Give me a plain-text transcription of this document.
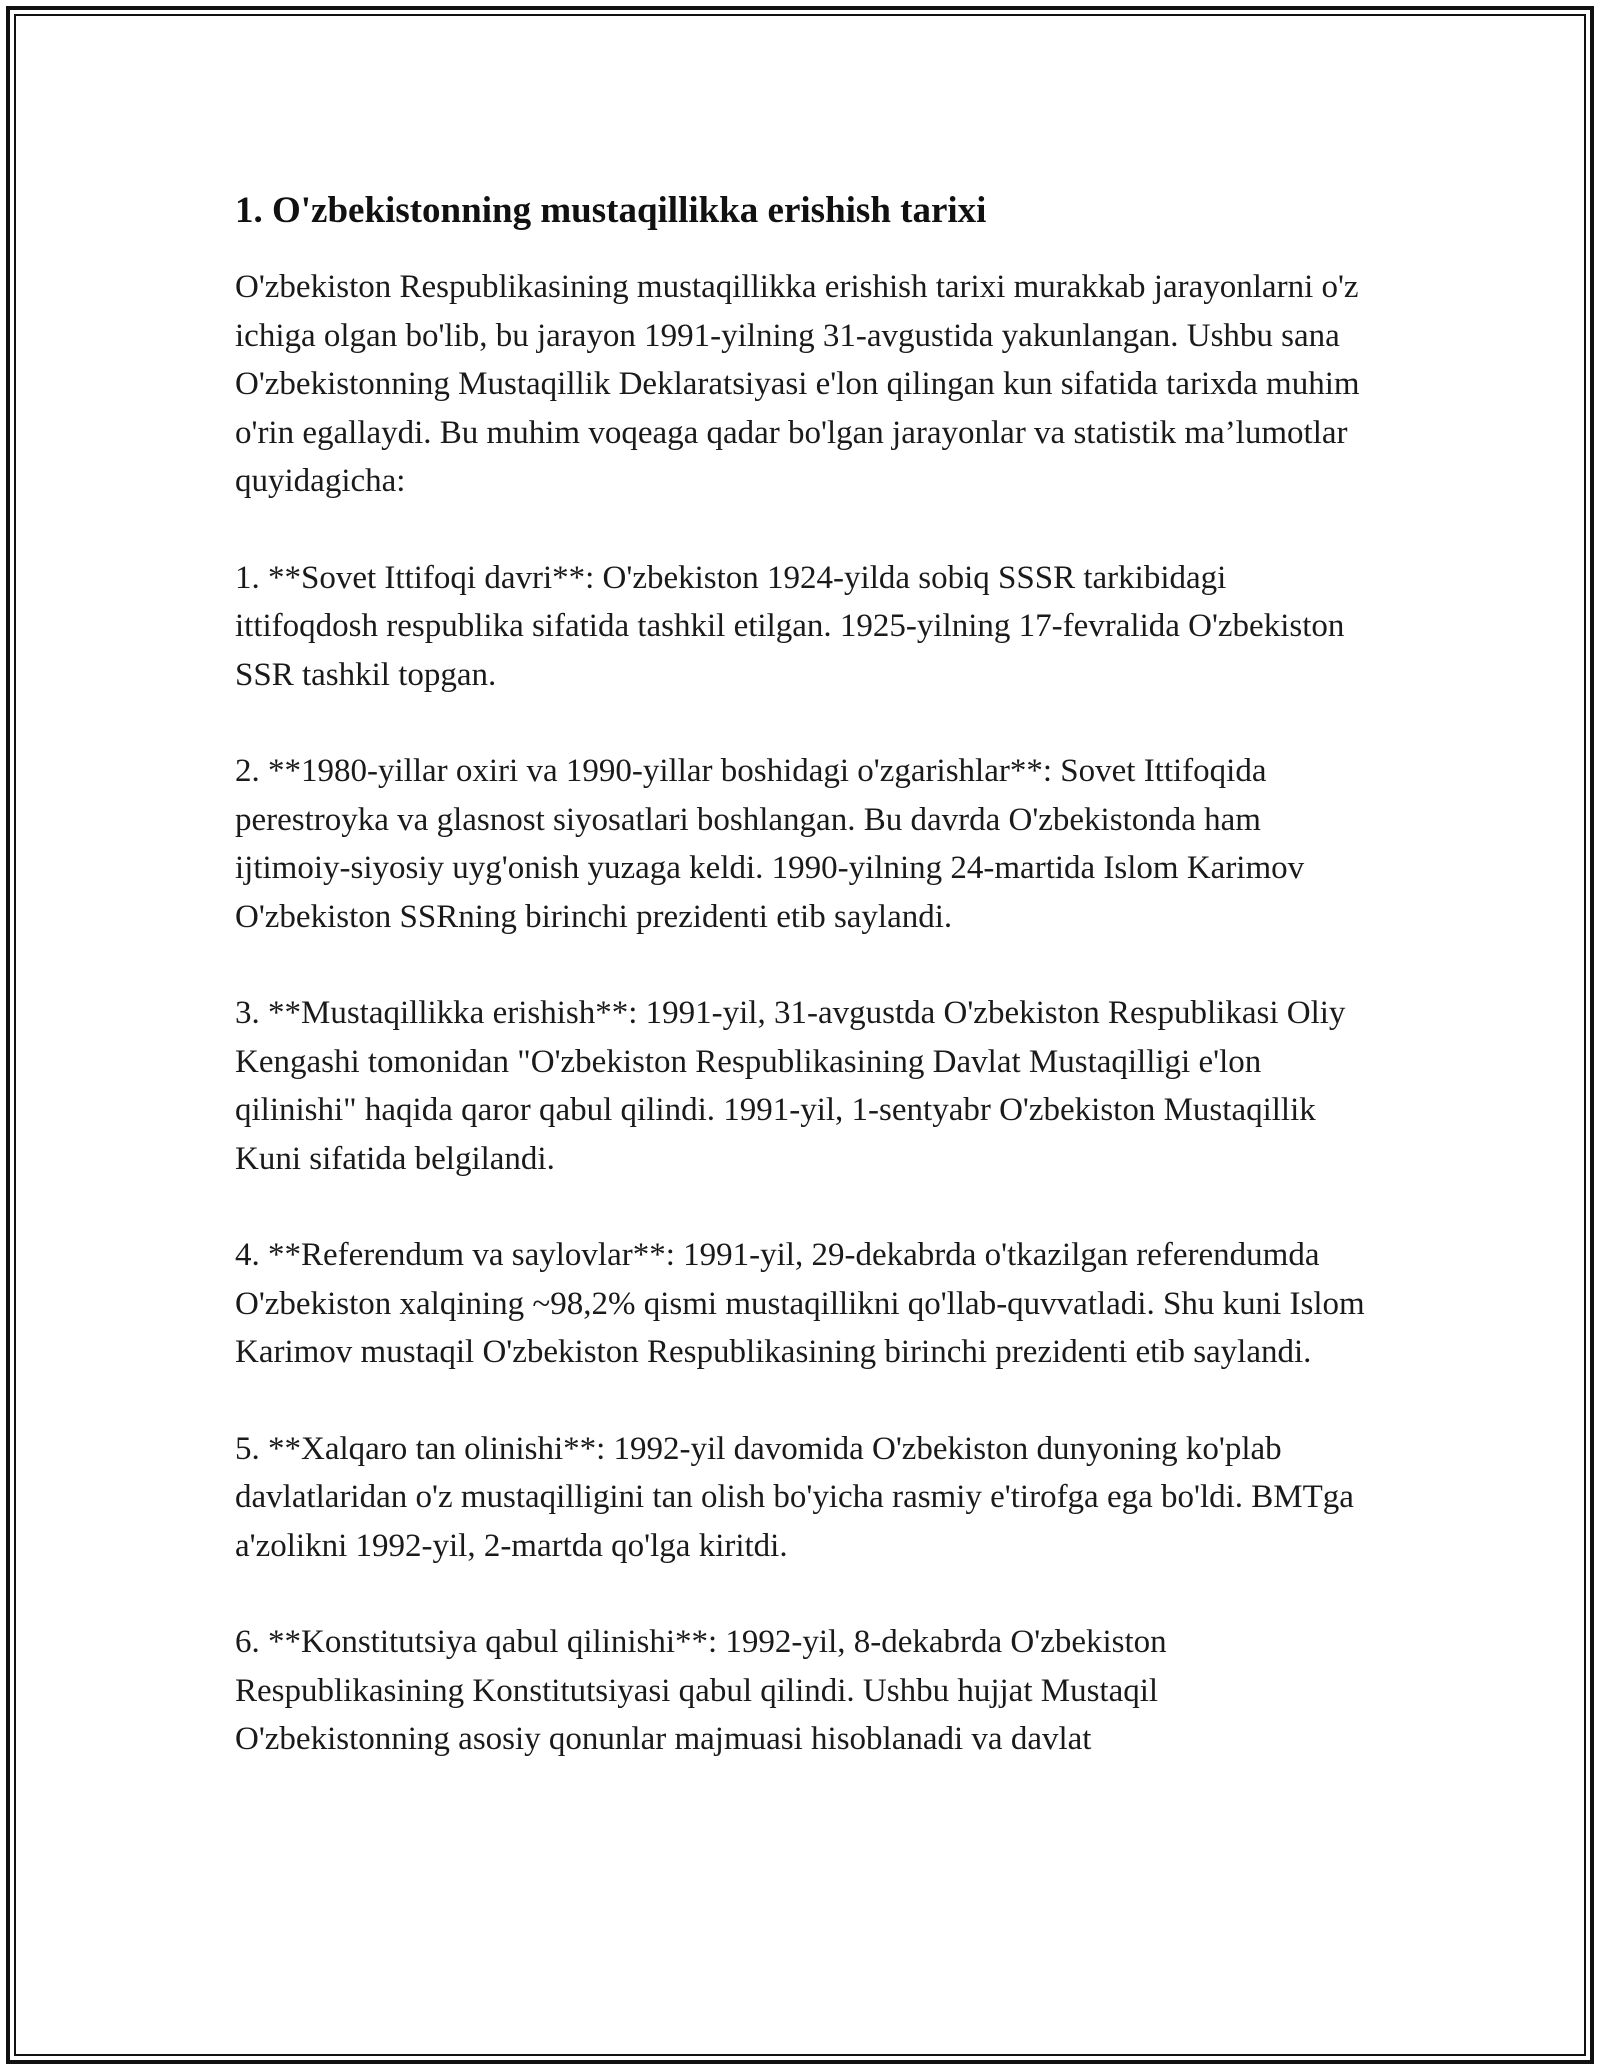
1. O'zbekistonning mustaqillikka erishish tarixi

O'zbekiston Respublikasining mustaqillikka erishish tarixi murakkab jarayonlarni o'z ichiga olgan bo'lib, bu jarayon 1991-yilning 31-avgustida yakunlangan. Ushbu sana O'zbekistonning Mustaqillik Deklaratsiyasi e'lon qilingan kun sifatida tarixda muhim o'rin egallaydi. Bu muhim voqeaga qadar bo'lgan jarayonlar va statistik ma’lumotlar quyidagicha:

1. **Sovet Ittifoqi davri**: O'zbekiston 1924-yilda sobiq SSSR tarkibidagi ittifoqdosh respublika sifatida tashkil etilgan. 1925-yilning 17-fevralida O'zbekiston SSR tashkil topgan.

2. **1980-yillar oxiri va 1990-yillar boshidagi o'zgarishlar**: Sovet Ittifoqida perestroyka va glasnost siyosatlari boshlangan. Bu davrda O'zbekistonda ham ijtimoiy-siyosiy uyg'onish yuzaga keldi. 1990-yilning 24-martida Islom Karimov O'zbekiston SSRning birinchi prezidenti etib saylandi.

3. **Mustaqillikka erishish**: 1991-yil, 31-avgustda O'zbekiston Respublikasi Oliy Kengashi tomonidan "O'zbekiston Respublikasining Davlat Mustaqilligi e'lon qilinishi" haqida qaror qabul qilindi. 1991-yil, 1-sentyabr O'zbekiston Mustaqillik Kuni sifatida belgilandi.

4. **Referendum va saylovlar**: 1991-yil, 29-dekabrda o'tkazilgan referendumda O'zbekiston xalqining ~98,2% qismi mustaqillikni qo'llab-quvvatladi. Shu kuni Islom Karimov mustaqil O'zbekiston Respublikasining birinchi prezidenti etib saylandi.

5. **Xalqaro tan olinishi**: 1992-yil davomida O'zbekiston dunyoning ko'plab davlatlaridan o'z mustaqilligini tan olish bo'yicha rasmiy e'tirofga ega bo'ldi. BMTga a'zolikni 1992-yil, 2-martda qo'lga kiritdi.

6. **Konstitutsiya qabul qilinishi**: 1992-yil, 8-dekabrda O'zbekiston Respublikasining Konstitutsiyasi qabul qilindi. Ushbu hujjat Mustaqil O'zbekistonning asosiy qonunlar majmuasi hisoblanadi va davlat
